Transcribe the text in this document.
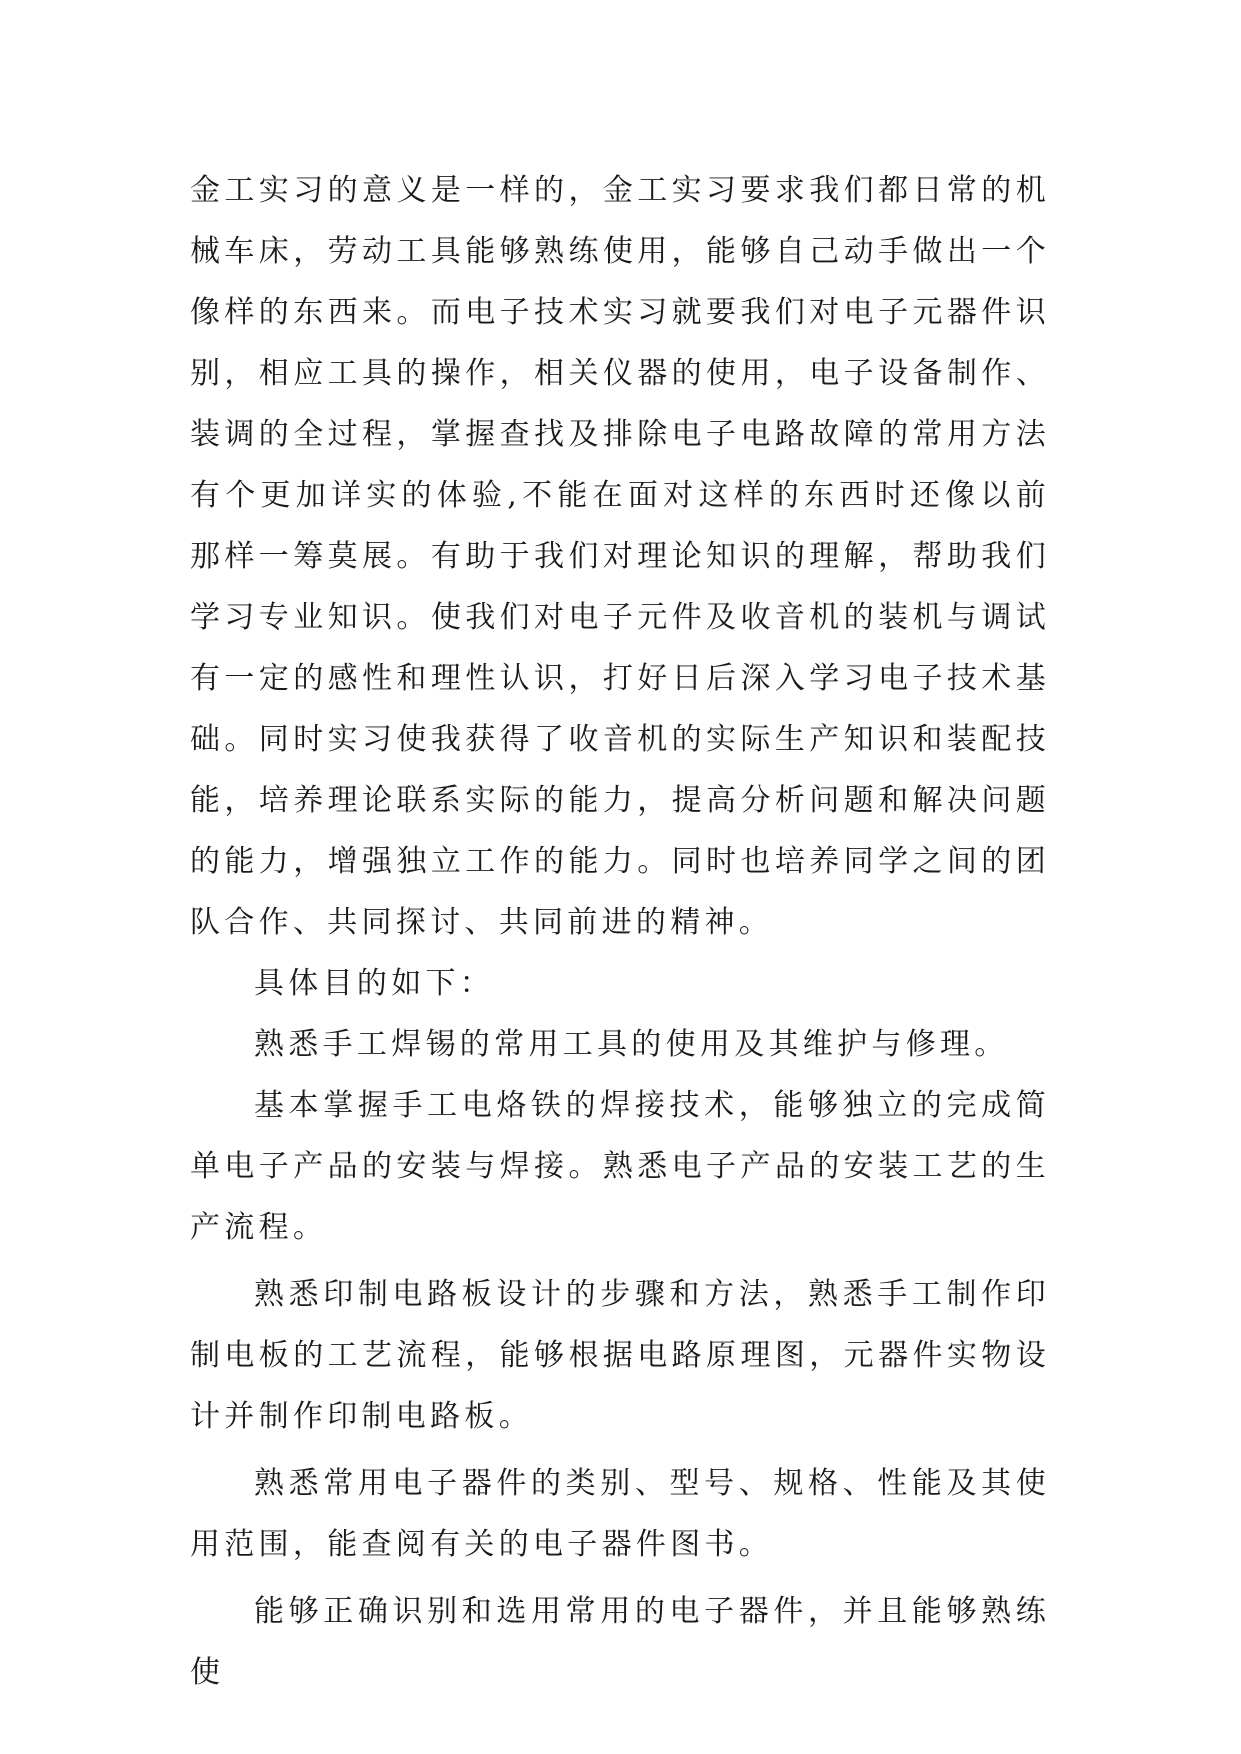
金工实习的意义是一样的，金工实习要求我们都日常的机械车床，劳动工具能够熟练使用，能够自己动手做出一个像样的东西来。而电子技术实习就要我们对电子元器件识别，相应工具的操作，相关仪器的使用，电子设备制作、装调的全过程，掌握查找及排除电子电路故障的常用方法有个更加详实的体验,不能在面对这样的东西时还像以前那样一筹莫展。有助于我们对理论知识的理解，帮助我们学习专业知识。使我们对电子元件及收音机的装机与调试有一定的感性和理性认识，打好日后深入学习电子技术基础。同时实习使我获得了收音机的实际生产知识和装配技能，培养理论联系实际的能力，提高分析问题和解决问题的能力，增强独立工作的能力。同时也培养同学之间的团队合作、共同探讨、共同前进的精神。

具体目的如下：

熟悉手工焊锡的常用工具的使用及其维护与修理。

基本掌握手工电烙铁的焊接技术，能够独立的完成简单电子产品的安装与焊接。熟悉电子产品的安装工艺的生产流程。

熟悉印制电路板设计的步骤和方法，熟悉手工制作印制电板的工艺流程，能够根据电路原理图，元器件实物设计并制作印制电路板。

熟悉常用电子器件的类别、型号、规格、性能及其使用范围，能查阅有关的电子器件图书。

能够正确识别和选用常用的电子器件，并且能够熟练使
